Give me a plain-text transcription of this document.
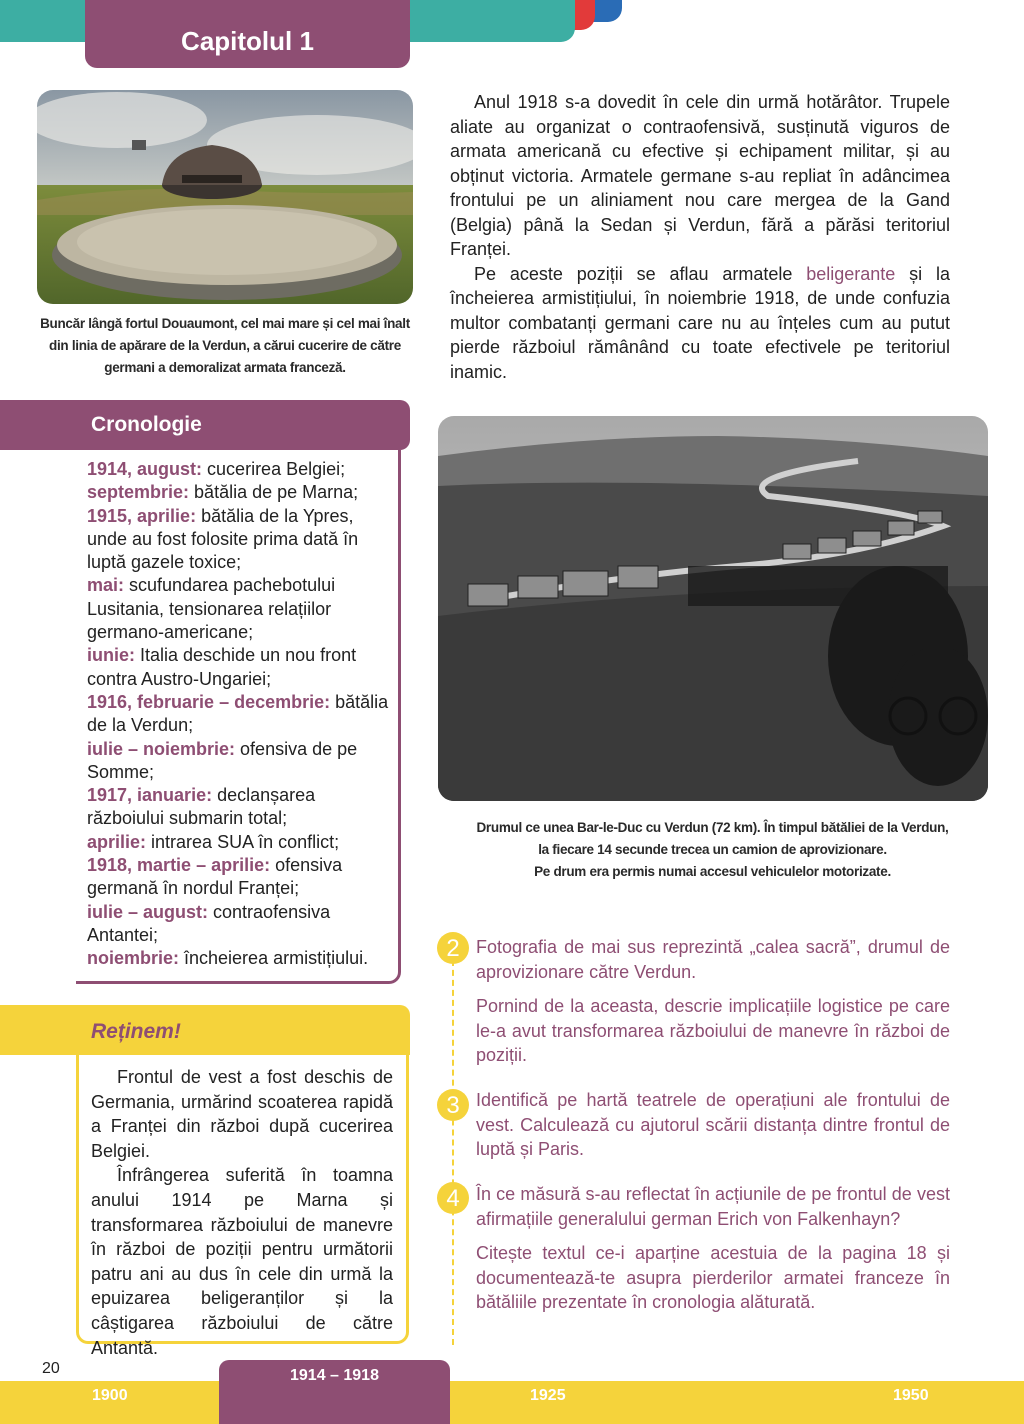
Capitolul 1
Buncăr lângă fortul Douaumont, cel mai mare și cel mai înalt din linia de apărare de la Verdun, a cărui cucerire de către germani a demoralizat armata franceză.

Anul 1918 s-a dovedit în cele din urmă hotărâtor. Trupele aliate au organizat o contraofensivă, susținută viguros de armata americană cu efective și echipament militar, și au obținut victoria. Armatele germane s-au repliat în adâncimea frontului pe un aliniament nou care mergea de la Gand (Belgia) până la Sedan și Verdun, fără a părăsi teritoriul Franței.

Pe aceste poziții se aflau armatele beligerante și la încheierea armistițiului, în noiembrie 1918, de unde confuzia multor combatanți germani care nu au înțeles cum au putut pierde războiul rămânând cu toate efectivele pe teritoriul inamic.

Drumul ce unea Bar-le-Duc cu Verdun (72 km). În timpul bătăliei de la Verdun,
la fiecare 14 secunde trecea un camion de aprovizionare.
Pe drum era permis numai accesul vehiculelor motorizate.
Cronologie
1914, august: cucerirea Belgiei;
septembrie: bătălia de pe Marna;
1915, aprilie: bătălia de la Ypres, unde au fost folosite prima dată în luptă gazele toxice;
mai: scufundarea pachebotului Lusitania, tensionarea relațiilor germano-americane;
iunie: Italia deschide un nou front contra Austro-Ungariei;
1916, februarie – decembrie: bătălia de la Verdun;
iulie – noiembrie: ofensiva de pe Somme;
1917, ianuarie: declanșarea războiului submarin total;
aprilie: intrarea SUA în conflict;
1918, martie – aprilie: ofensiva germană în nordul Franței;
iulie – august: contraofensiva Antantei;
noiembrie: încheierea armistițiului.
Reținem!

Frontul de vest a fost deschis de Germania, urmărind scoaterea rapidă a Franței din război după cucerirea Belgiei.

Înfrângerea suferită în toamna anului 1914 pe Marna și transformarea războiului de manevre în război de poziții pentru următorii patru ani au dus în cele din urmă la epuizarea beligeranților și la câștigarea războiului de către Antantă.

2 Fotografia de mai sus reprezintă „calea sacră”, drumul de aprovizionare către Verdun.
Pornind de la aceasta, descrie implicațiile logistice pe care le-a avut transformarea războiului de manevre în război de poziții.
3 Identifică pe hartă teatrele de operațiuni ale frontului de vest. Calculează cu ajutorul scării distanța dintre frontul de luptă și Paris.
4 În ce măsură s-au reflectat în acțiunile de pe frontul de vest afirmațiile generalului german Erich von Falkenhayn?
Citește textul ce-i aparține acestuia de la pagina 18 și documentează-te asupra pierderilor armatei franceze în bătăliile prezentate în cronologia alăturată.
20	1914 – 1918
1900	1925	1950
